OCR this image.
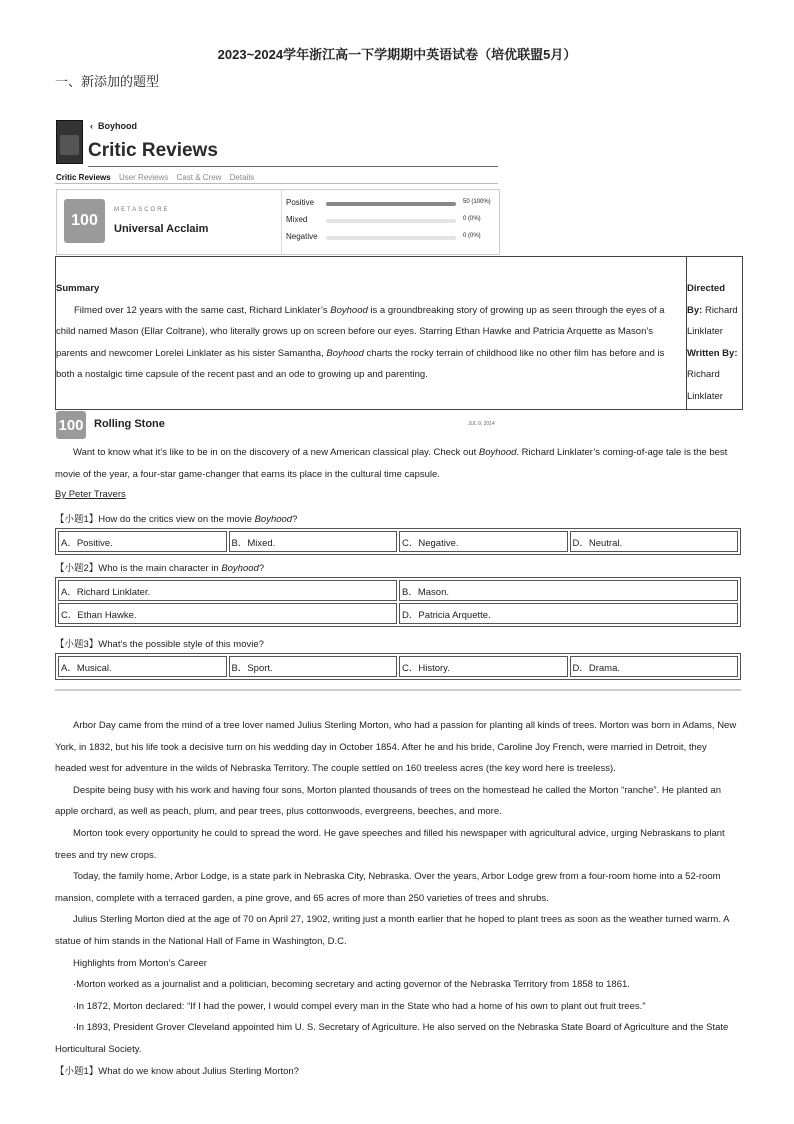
2023~2024学年浙江高一下学期期中英语试卷（培优联盟5月）
一、新添加的题型
‹ Boyhood
Critic Reviews
Critic Reviews User Reviews Cast & Crew Details
100
METASCORE
Universal Acclaim
Positive	50 (100%)
Mixed	0 (0%)
Negative	0 (0%)
Summary
Filmed over 12 years with the same cast, Richard Linklater’s Boyhood is a groundbreaking story of growing up as seen through the eyes of a child named Mason (Ellar Coltrane), who literally grows up on screen before our eyes. Starring Ethan Hawke and Patricia Arquette as Mason’s parents and newcomer Lorelei Linklater as his sister Samantha, Boyhood charts the rocky terrain of childhood like no other film has before and is both a nostalgic time capsule of the recent past and an ode to growing up and parenting.
Directed By: Richard Linklater
Written By: Richard Linklater
100 Rolling Stone	JUL 9, 2014
Want to know what it’s like to be in on the discovery of a new American classical play. Check out Boyhood. Richard Linklater’s coming-of-age tale is the best movie of the year, a four-star game-changer that earns its place in the cultural time capsule.
By Peter Travers
【小题1】How do the critics view on the movie Boyhood?
A．Positive.	B．Mixed.	C．Negative.	D．Neutral.
【小题2】Who is the main character in Boyhood?
A．Richard Linklater.	B．Mason.
C．Ethan Hawke.	D．Patricia Arquette.
【小题3】What’s the possible style of this movie?
A．Musical.	B．Sport.	C．History.	D．Drama.

Arbor Day came from the mind of a tree lover named Julius Sterling Morton, who had a passion for planting all kinds of trees. Morton was born in Adams, New York, in 1832, but his life took a decisive turn on his wedding day in October 1854. After he and his bride, Caroline Joy French, were married in Detroit, they headed west for adventure in the wilds of Nebraska Territory. The couple settled on 160 treeless acres (the key word here is treeless).

Despite being busy with his work and having four sons, Morton planted thousands of trees on the homestead he called the Morton “ranche”. He planted an apple orchard, as well as peach, plum, and pear trees, plus cottonwoods, evergreens, beeches, and more.

Morton took every opportunity he could to spread the word. He gave speeches and filled his newspaper with agricultural advice, urging Nebraskans to plant trees and try new crops.

Today, the family home, Arbor Lodge, is a state park in Nebraska City, Nebraska. Over the years, Arbor Lodge grew from a four-room home into a 52-room mansion, complete with a terraced garden, a pine grove, and 65 acres of more than 250 varieties of trees and shrubs.

Julius Sterling Morton died at the age of 70 on April 27, 1902, writing just a month earlier that he hoped to plant trees as soon as the weather turned warm. A statue of him stands in the National Hall of Fame in Washington, D.C.

Highlights from Morton’s Career

·Morton worked as a journalist and a politician, becoming secretary and acting governor of the Nebraska Territory from 1858 to 1861.

·In 1872, Morton declared: “If I had the power, I would compel every man in the State who had a home of his own to plant out fruit trees.”

·In 1893, President Grover Cleveland appointed him U. S. Secretary of Agriculture. He also served on the Nebraska State Board of Agriculture and the State Horticultural Society.

【小题1】What do we know about Julius Sterling Morton?
